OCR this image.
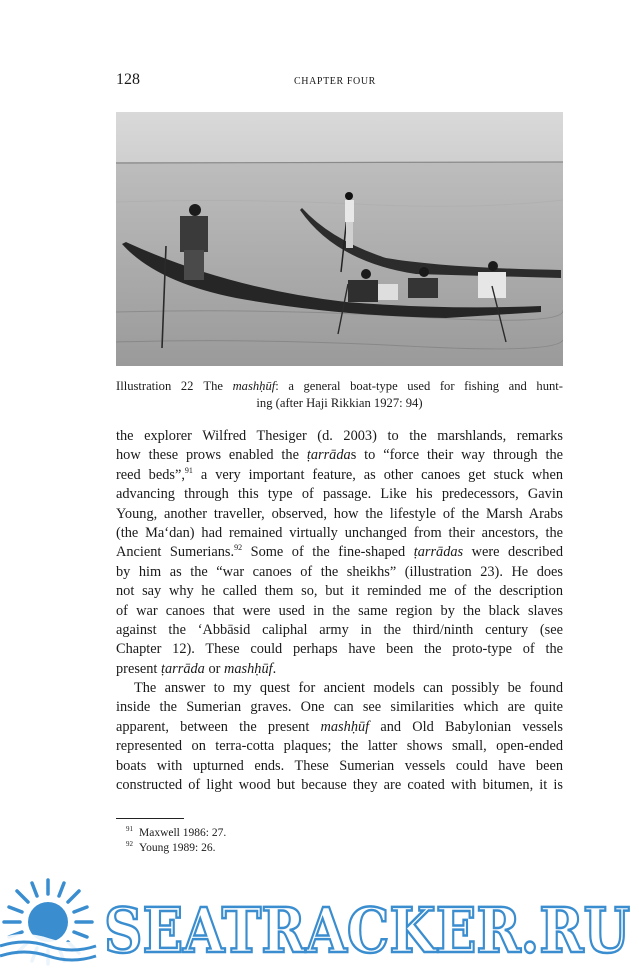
128	CHAPTER FOUR
Illustration 22 The mashḥūf: a general boat-type used for fishing and hunt-
ing (after Haji Rikkian 1927: 94)
the explorer Wilfred Thesiger (d. 2003) to the marshlands, remarks
how these prows enabled the ṭarrādas to “force their way through the
reed beds”,$^{91}$ a very important feature, as other canoes get stuck when
advancing through this type of passage. Like his predecessors, Gavin
Young, another traveller, observed, how the lifestyle of the Marsh Arabs
(the Ma‘dan) had remained virtually unchanged from their ancestors, the
Ancient Sumerians.$^{92}$ Some of the fine-shaped ṭarrādas were described
by him as the “war canoes of the sheikhs” (illustration 23). He does
not say why he called them so, but it reminded me of the description
of war canoes that were used in the same region by the black slaves
against the ‘Abbāsid caliphal army in the third/ninth century (see
Chapter 12). These could perhaps have been the proto-type of the
present ṭarrāda or mashḥūf.
The answer to my quest for ancient models can possibly be found
inside the Sumerian graves. One can see similarities which are quite
apparent, between the present mashḥūf and Old Babylonian vessels
represented on terra-cotta plaques; the latter shows small, open-ended
boats with upturned ends. These Sumerian vessels could have been
constructed of light wood but because they are coated with bitumen, it is
$^{91}$ Maxwell 1986: 27.
$^{92}$ Young 1989: 26.
SEATRACKER.RU
